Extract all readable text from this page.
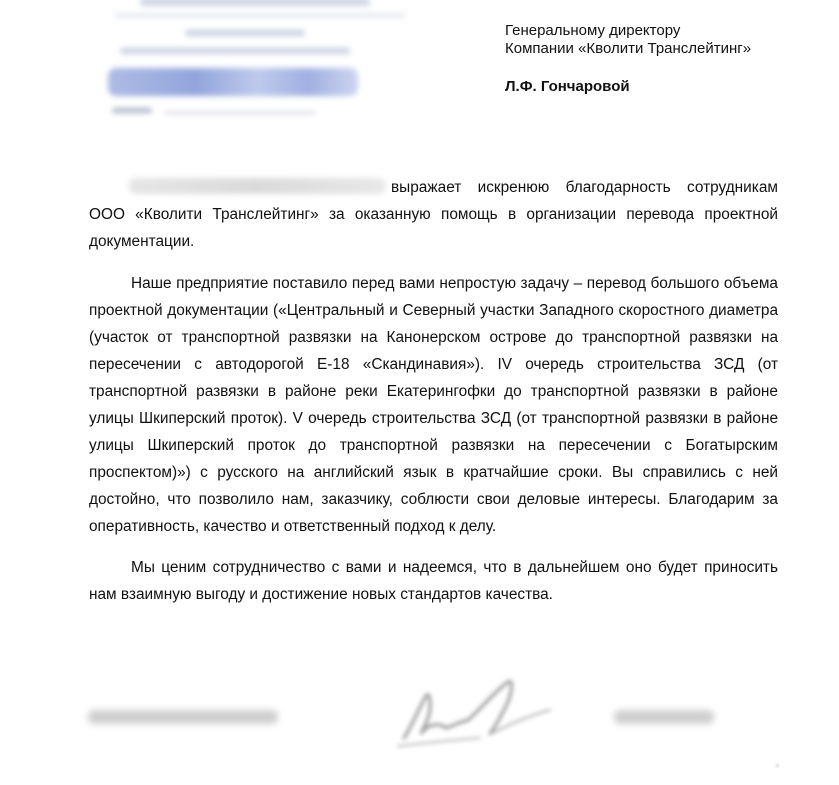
Генеральному директору
Компании «Кволити Транслейтинг»
Л.Ф. Гончаровой

выражает искренюю благодарность сотрудникам ООО «Кволити Транслейтинг» за оказанную помощь в организации перевода проектной документации.

Наше предприятие поставило перед вами непростую задачу – перевод большого объема проектной документации («Центральный и Северный участки Западного скоростного диаметра (участок от транспортной развязки на Канонерском острове до транспортной развязки на пересечении с автодорогой Е-18 «Скандинавия»). IV очередь строительства ЗСД (от транспортной развязки в районе реки Екатерингофки до транспортной развязки в районе улицы Шкиперский проток). V очередь строительства ЗСД (от транспортной развязки в районе улицы Шкиперский проток до транспортной развязки на пересечении с Богатырским проспектом)») с русского на английский язык в кратчайшие сроки. Вы справились с ней достойно, что позволило нам, заказчику, соблюсти свои деловые интересы. Благодарим за оперативность, качество и ответственный подход к делу.

Мы ценим сотрудничество с вами и надеемся, что в дальнейшем оно будет приносить нам взаимную выгоду и достижение новых стандартов качества.
